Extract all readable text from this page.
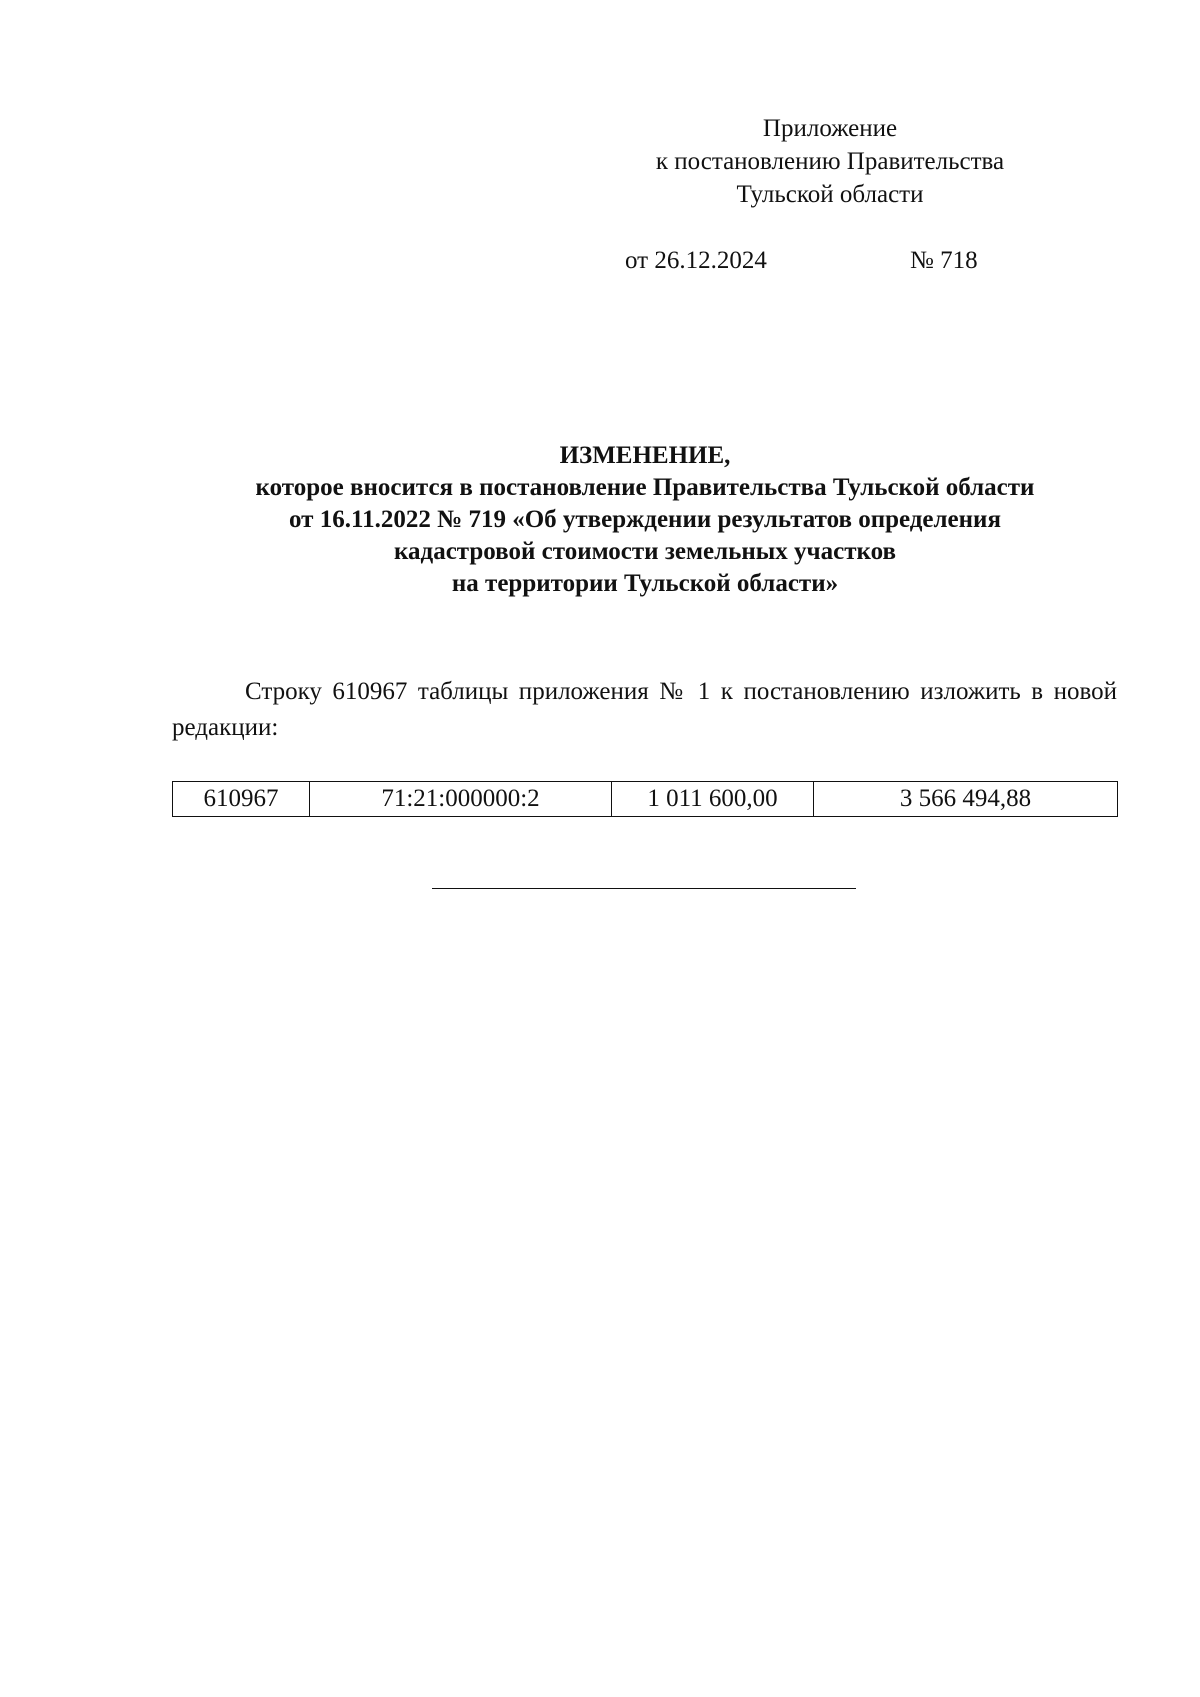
Приложение
к постановлению Правительства
Тульской области
от 26.12.2024	№ 718
ИЗМЕНЕНИЕ,
которое вносится в постановление Правительства Тульской области
от 16.11.2022 № 719 «Об утверждении результатов определения
кадастровой стоимости земельных участков
на территории Тульской области»
Строку 610967 таблицы приложения № 1 к постановлению изложить в новой редакции:
610967	71:21:000000:2	1 011 600,00	3 566 494,88
